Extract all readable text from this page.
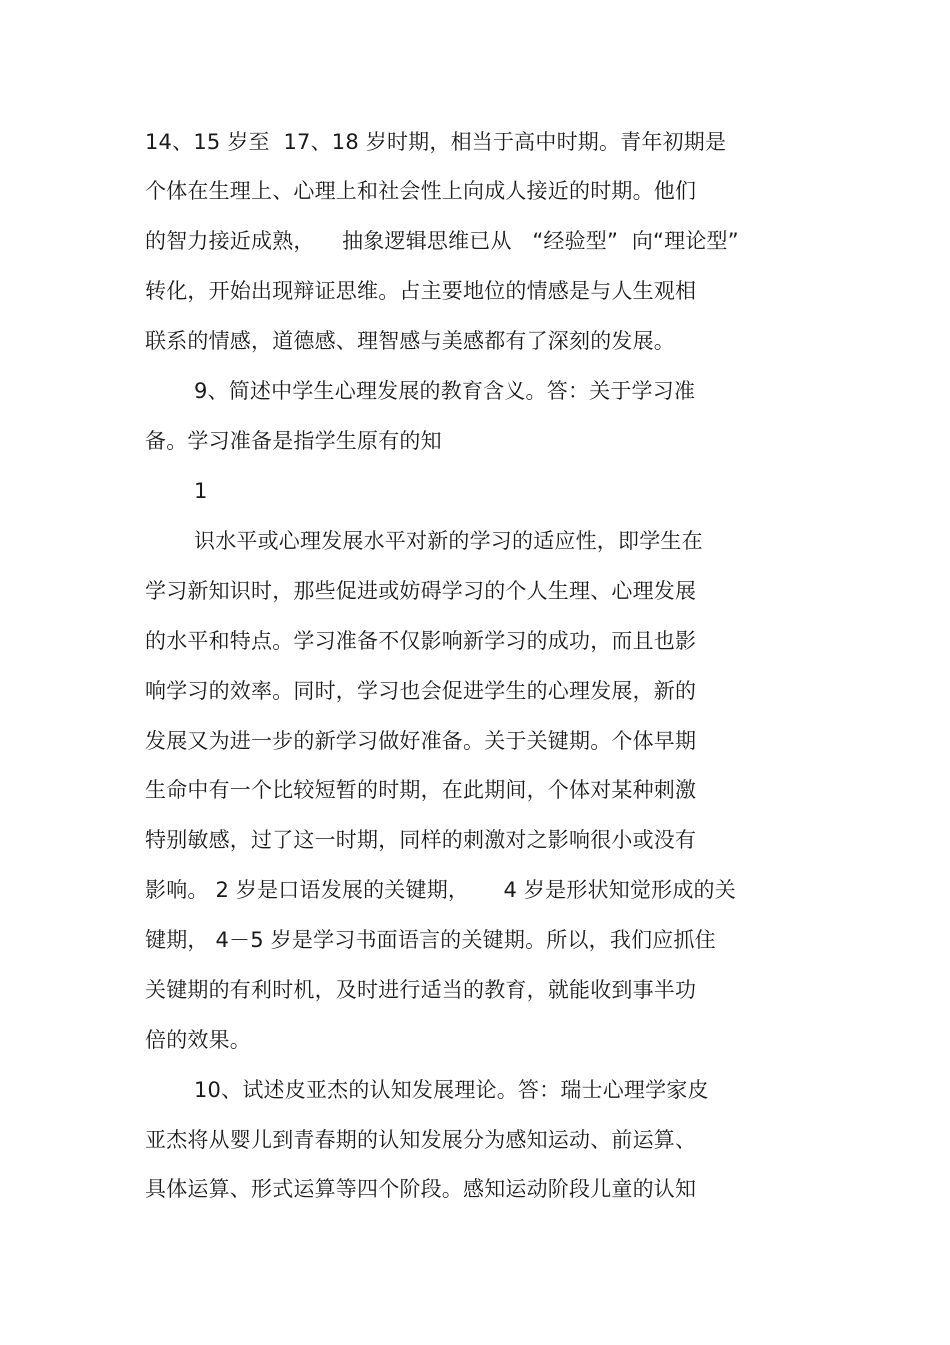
14、15 岁至  17、18 岁时期，相当于高中时期。青年初期是
个体在生理上、心理上和社会性上向成人接近的时期。他们
的智力接近成熟，    抽象逻辑思维已从   “经验型”  向“理论型”
转化，开始出现辩证思维。占主要地位的情感是与人生观相
联系的情感，道德感、理智感与美感都有了深刻的发展。
9、简述中学生心理发展的教育含义。答：关于学习准
备。学习准备是指学生原有的知
1
识水平或心理发展水平对新的学习的适应性，即学生在
学习新知识时，那些促进或妨碍学习的个人生理、心理发展
的水平和特点。学习准备不仅影响新学习的成功，而且也影
响学习的效率。同时，学习也会促进学生的心理发展，新的
发展又为进一步的新学习做好准备。关于关键期。个体早期
生命中有一个比较短暂的时期，在此期间，个体对某种刺激
特别敏感，过了这一时期，同样的刺激对之影响很小或没有
影响。 2 岁是口语发展的关键期，     4 岁是形状知觉形成的关
键期， 4－5 岁是学习书面语言的关键期。所以，我们应抓住
关键期的有利时机，及时进行适当的教育，就能收到事半功
倍的效果。
10、试述皮亚杰的认知发展理论。答：瑞士心理学家皮
亚杰将从婴儿到青春期的认知发展分为感知运动、前运算、
具体运算、形式运算等四个阶段。感知运动阶段儿童的认知
